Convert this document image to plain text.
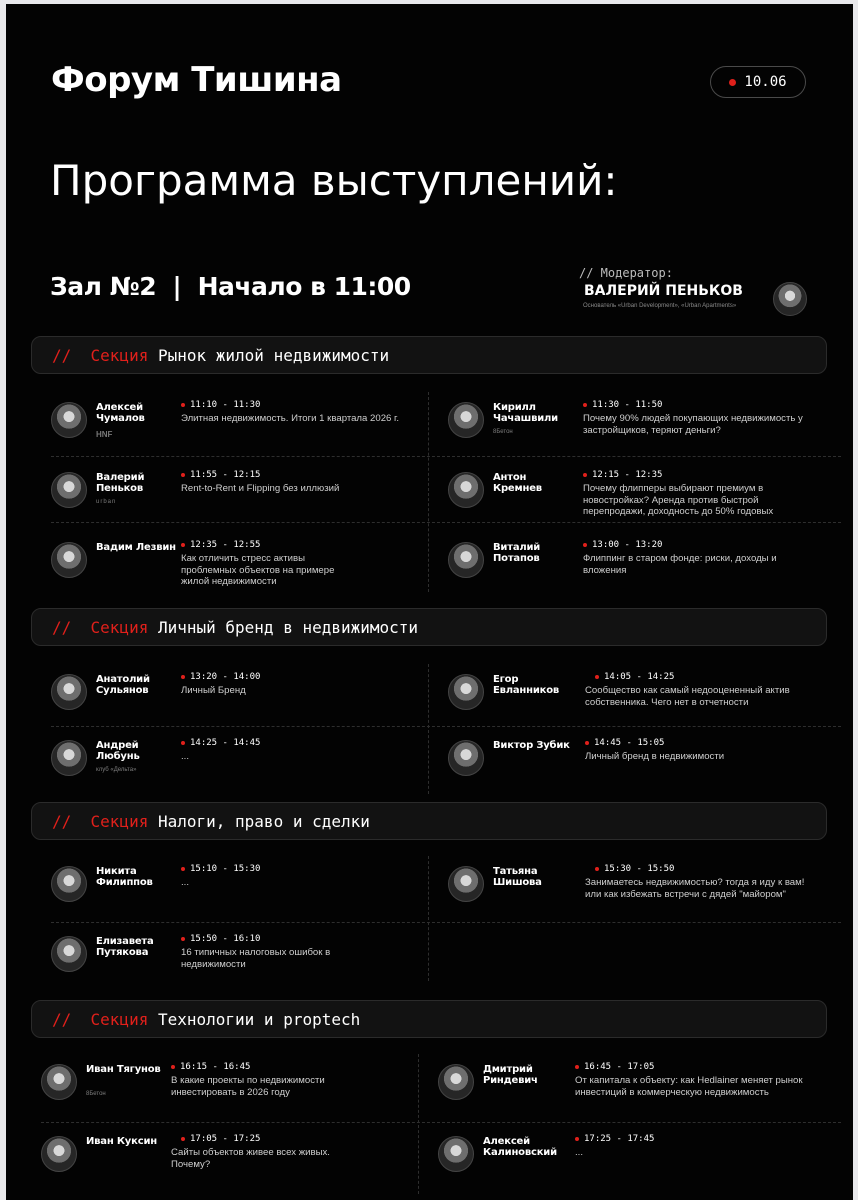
Форум Тишина	10.06
Программа выступлений:
Зал №2  |  Начало в 11:00	// Модератор:
ВАЛЕРИЙ ПЕНЬКОВ
Основатель «Urban Development», «Urban Apartments»
//  Секция Рынок жилой недвижимости
Алексей Чумалов
HNF
11:10 - 11:30
Элитная недвижимость. Итоги 1 квартала 2026 г.
Кирилл Чачашвили
8Бетон
11:30 - 11:50
Почему 90% людей покупающих недвижимость у застройщиков, теряют деньги?
Валерий Пеньков
urban
11:55 - 12:15
Rent-to-Rent и Flipping без иллюзий
Антон Кремнев
12:15 - 12:35
Почему флипперы выбирают премиум в новостройках? Аренда против быстрой перепродажи, доходность до 50% годовых
Вадим Лезвин 12:35 - 12:55
Как отличить стресс активы проблемных объектов на примере жилой недвижимости
Виталий Потапов
13:00 - 13:20
Флиппинг в старом фонде: риски, доходы и вложения
//  Секция Личный бренд в недвижимости
Анатолий Сульянов
13:20 - 14:00
Личный Бренд
Егор Евланников
14:05 - 14:25
Сообщество как самый недооцененный актив собственника. Чего нет в отчетности
Андрей Любунь
клуб «Дельта»
14:25 - 14:45
...
Виктор Зубик	14:45 - 15:05
Личный бренд в недвижимости
//  Секция Налоги, право и сделки
Никита Филиппов
15:10 - 15:30
...
Татьяна Шишова
15:30 - 15:50
Занимаетесь недвижимостью? тогда я иду к вам! или как избежать встречи с дядей "майором"
Елизавета Путякова
15:50 - 16:10
16 типичных налоговых ошибок в недвижимости
//  Секция Технологии и proptech
Иван Тягунов
8Бетон
16:15 - 16:45
В какие проекты по недвижимости инвестировать в 2026 году
Дмитрий Риндевич
16:45 - 17:05
От капитала к объекту: как Hedlainer меняет рынок инвестиций в коммерческую недвижимость
Иван Куксин	17:05 - 17:25
Сайты объектов живее всех живых. Почему?
Алексей Калиновский
17:25 - 17:45
...
